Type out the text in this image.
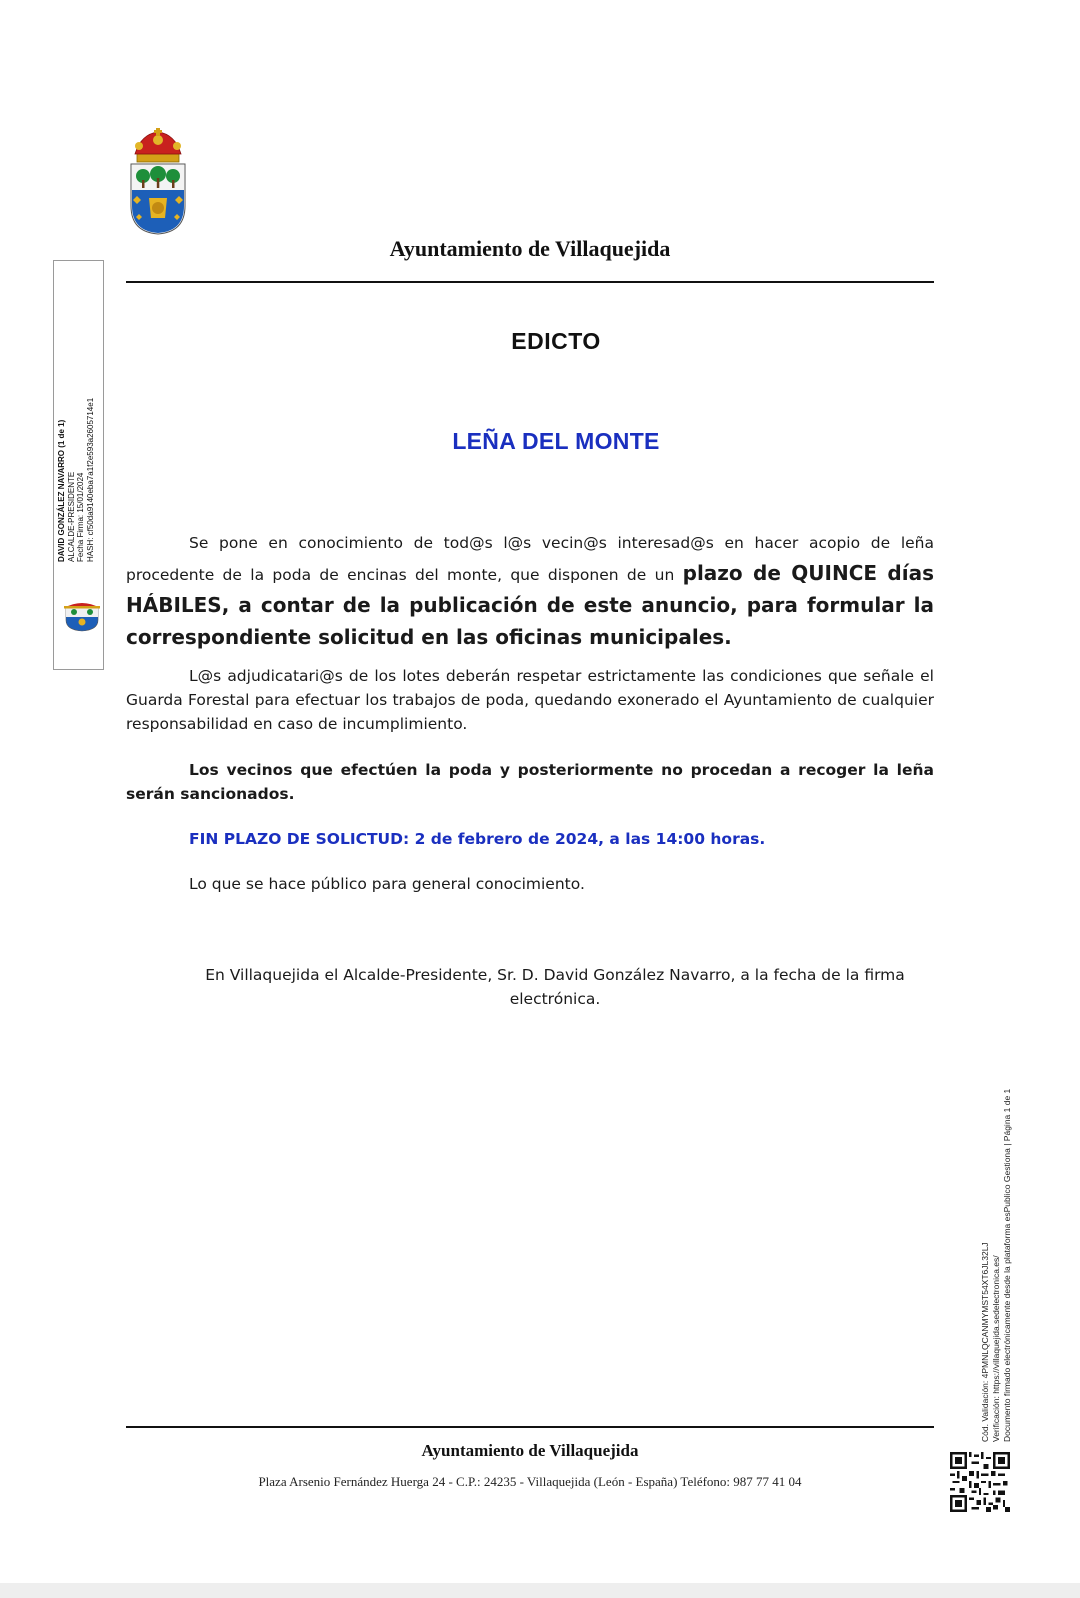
Ayuntamiento de Villaquejida
EDICTO
LEÑA DEL MONTE

Se pone en conocimiento de tod@s l@s vecin@s interesad@s en hacer acopio de leña procedente de la poda de encinas del monte, que disponen de un plazo de QUINCE días HÁBILES, a contar de la publicación de este anuncio, para formular la correspondiente solicitud en las oficinas municipales.

L@s adjudicatari@s de los lotes deberán respetar estrictamente las condiciones que señale el Guarda Forestal para efectuar los trabajos de poda, quedando exonerado el Ayuntamiento de cualquier responsabilidad en caso de incumplimiento.

Los vecinos que efectúen la poda y posteriormente no procedan a recoger la leña serán sancionados.

FIN PLAZO DE SOLICTUD: 2 de febrero de 2024, a las 14:00 horas.

Lo que se hace público para general conocimiento.

En Villaquejida el Alcalde-Presidente, Sr. D. David González Navarro, a la fecha de la firma electrónica.

Ayuntamiento de Villaquejida
Plaza Arsenio Fernández Huerga 24 - C.P.: 24235 - Villaquejida (León - España) Teléfono: 987 77 41 04
DAVID GONZÁLEZ NAVARRO (1 de 1)
ALCALDE-PRESIDENTE Fecha Firma: 15/01/2024 HASH: cf50da9140eba7a1f2e593a2605714e1
Cód. Validación: 4PMNLQCANMYMST54XT6JL32LJ Verificación: https://villaquejida.sedelectronica.es/ Documento firmado electrónicamente desde la plataforma esPublico Gestiona | Página 1 de 1
